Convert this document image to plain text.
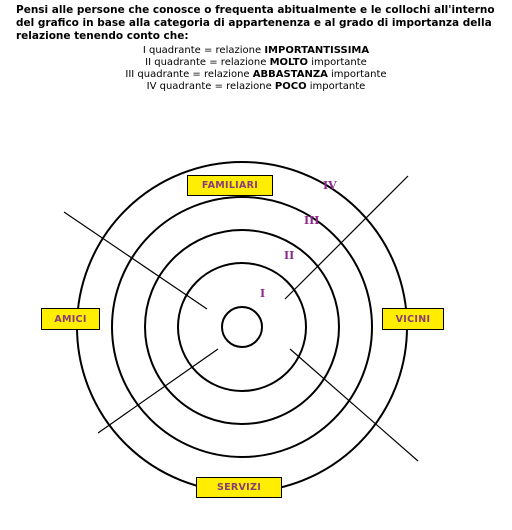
Pensi alle persone che conosce o frequenta abitualmente e le collochi all'interno del grafico in base alla categoria di appartenenza e al grado di importanza della relazione tenendo conto che:

I quadrante = relazione IMPORTANTISSIMA
II quadrante = relazione MOLTO importante
III quadrante = relazione ABBASTANZA importante
IV quadrante = relazione POCO importante
I
II
III
IV
FAMILIARI
AMICI	VICINI
SERVIZI
